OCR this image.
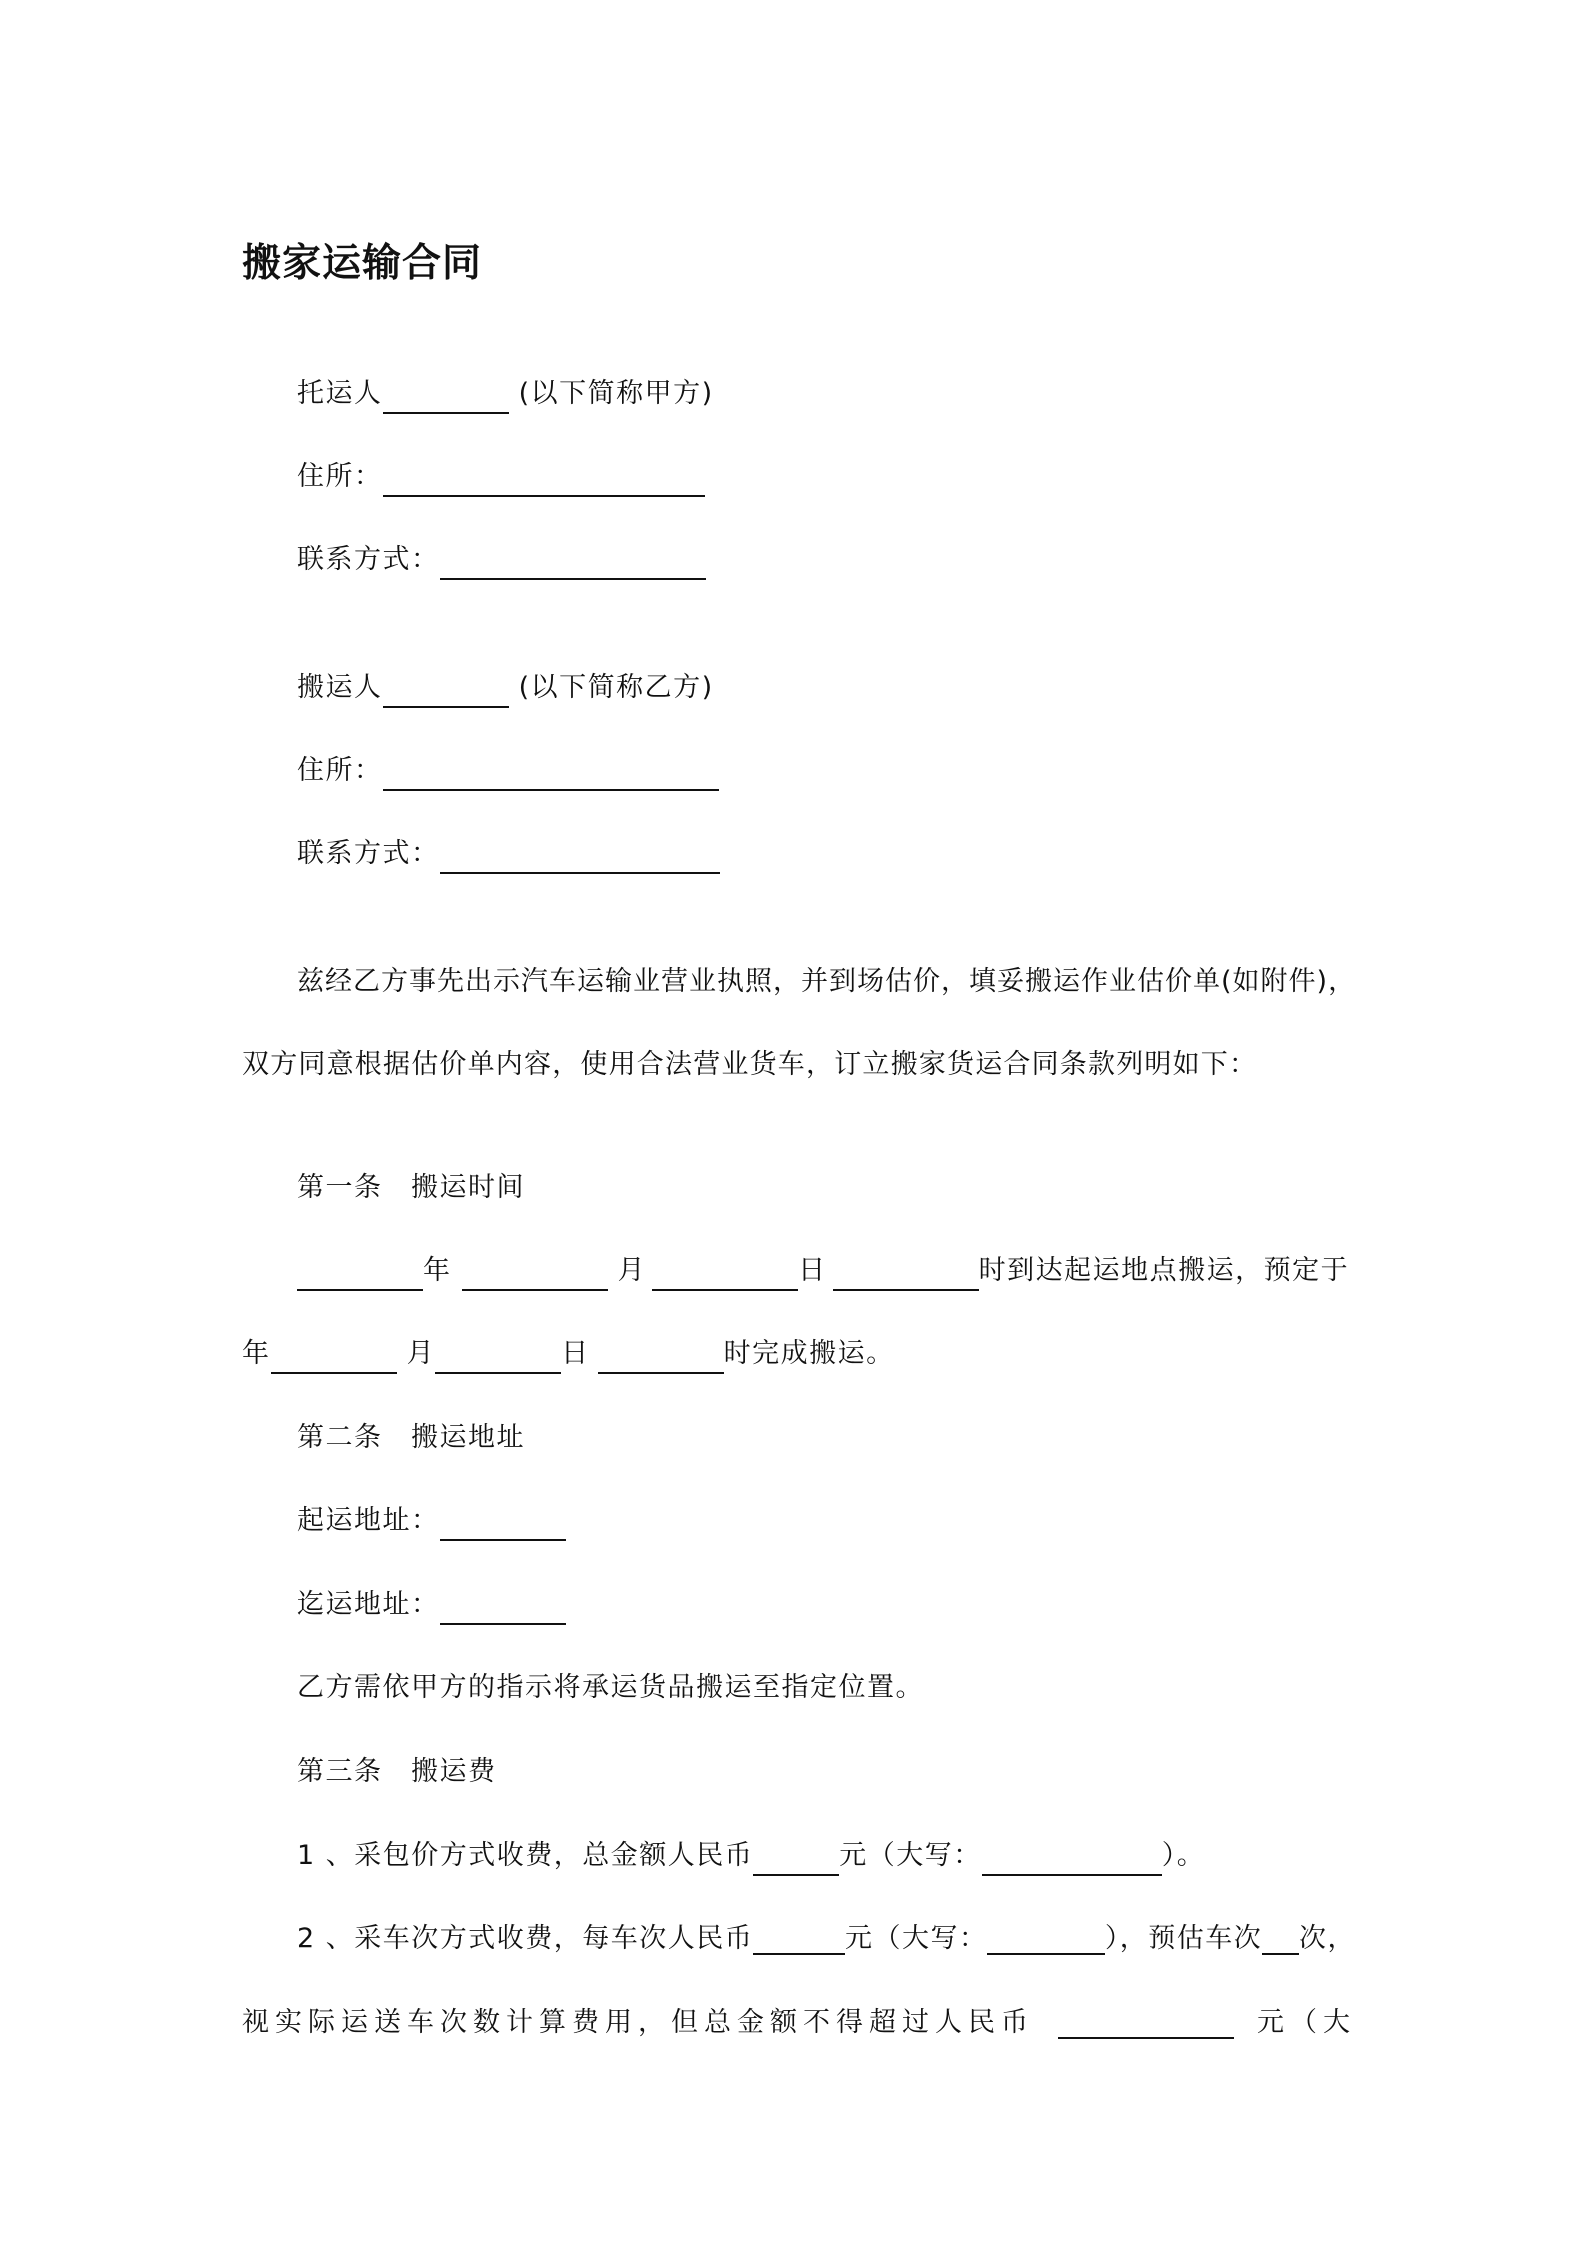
搬家运输合同
托运人	(以下简称甲方)
住所：
联系方式：
搬运人	(以下简称乙方)
住所：
联系方式：
兹经乙方事先出示汽车运输业营业执照，并到场估价，填妥搬运作业估价单(如附件)，
双方同意根据估价单内容，使用合法营业货车，订立搬家货运合同条款列明如下：
第一条　搬运时间
年	月	日	时到达起运地点搬运，预定于
年	月	日	时完成搬运。
第二条　搬运地址
起运地址：
迄运地址：
乙方需依甲方的指示将承运货品搬运至指定位置。
第三条　搬运费
1 、采包价方式收费，总金额人民币	元（大写：	）。
2 、采车次方式收费，每车次人民币	元（大写：	），预估车次 次，
视实际运送车次数计算费用，但总金额不得超过人民币	元（大
